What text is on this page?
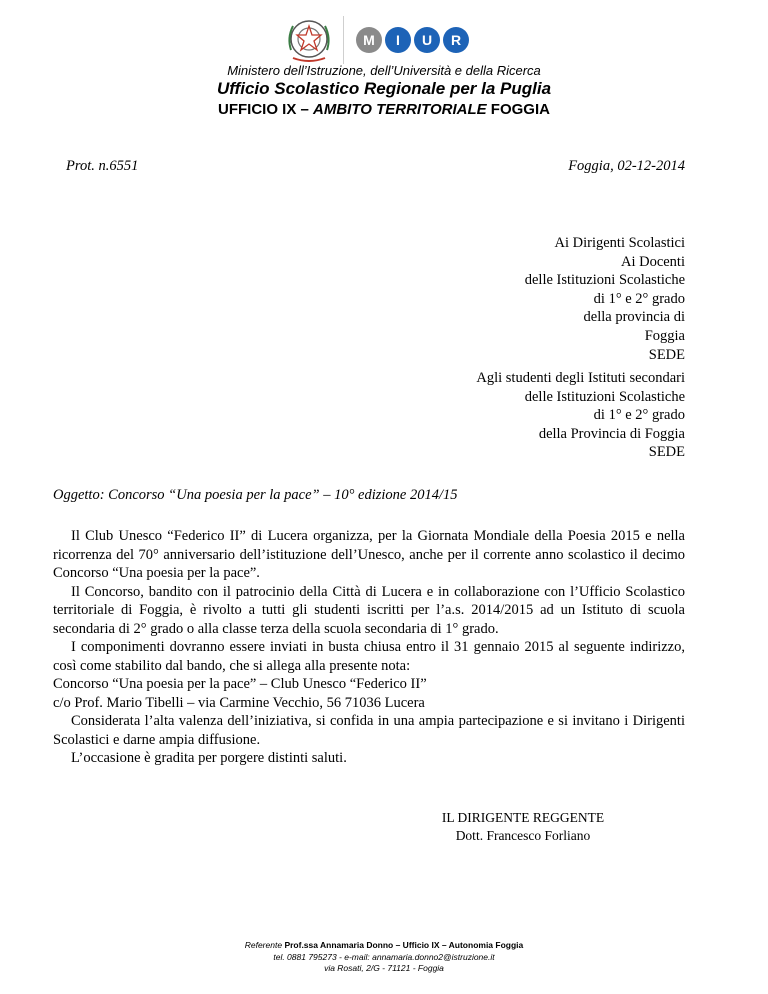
M I U R
Ministero dell’Istruzione, dell’Università e della Ricerca
Ufficio Scolastico Regionale per la Puglia
UFFICIO IX – AMBITO TERRITORIALE FOGGIA
Prot. n.6551	Foggia, 02-12-2014
Ai Dirigenti Scolastici
Ai Docenti
delle Istituzioni Scolastiche
di 1° e 2° grado
della provincia di
Foggia
SEDE
Agli studenti degli Istituti secondari
delle Istituzioni Scolastiche
di 1° e 2° grado
della Provincia di Foggia
SEDE
Oggetto: Concorso “Una poesia per la pace” – 10° edizione 2014/15

Il Club Unesco “Federico II” di Lucera organizza, per la Giornata Mondiale della Poesia 2015 e nella ricorrenza del 70° anniversario dell’istituzione dell’Unesco, anche per il corrente anno scolastico il decimo Concorso “Una poesia per la pace”.

Il Concorso, bandito con il patrocinio della Città di Lucera e in collaborazione con l’Ufficio Scolastico territoriale di Foggia, è rivolto a tutti gli studenti iscritti per l’a.s. 2014/2015 ad un Istituto di scuola secondaria di 2° grado o alla classe terza della scuola secondaria di 1° grado.

I componimenti dovranno essere inviati in busta chiusa entro il 31 gennaio 2015 al seguente indirizzo, così come stabilito dal bando, che si allega alla presente nota:

Concorso “Una poesia per la pace” – Club Unesco “Federico II”

c/o Prof. Mario Tibelli – via Carmine Vecchio, 56 71036 Lucera

Considerata l’alta valenza dell’iniziativa, si confida in una ampia partecipazione e si invitano i Dirigenti Scolastici e darne ampia diffusione.

L’occasione è gradita per porgere distinti saluti.

IL DIRIGENTE REGGENTE
Dott. Francesco Forliano
Referente Prof.ssa Annamaria Donno – Ufficio IX – Autonomia Foggia
tel. 0881 795273 - e-mail: annamaria.donno2@istruzione.it
via Rosati, 2/G - 71121 - Foggia
